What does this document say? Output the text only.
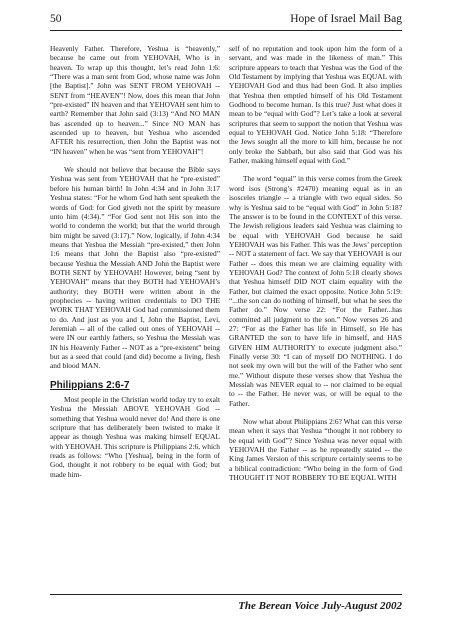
50	Hope of Israel Mail Bag

Heavenly Father. Therefore, Yeshua is “heavenly,” because he came out from YEHOVAH, Who is in heaven. To wrap up this thought, let’s read John 1:6: “There was a man sent from God, whose name was John [the Baptist].” John was SENT FROM YEHOVAH -- SENT from “HEAVEN”! Now, does this mean that John “pre-existed” IN heaven and that YEHOVAH sent him to earth? Remember that John said (3:13) “And NO MAN has ascended up to heaven...” Since NO MAN has ascended up to heaven, but Yeshua who ascended AFTER his resurrection, then John the Baptist was not “IN heaven” when he was “sent from YEHOVAH”!

We should not believe that because the Bible says Yeshua was sent from YEHOVAH that he “pre-existed” before his human birth! In John 4:34 and in John 3:17 Yeshua states: “For he whom God hath sent speaketh the words of God: for God giveth not the spirit by measure unto him (4:34).” “For God sent not His son into the world to condemn the world; but that the world through him might be saved (3:17).” Now, logically, if John 4:34 means that Yeshua the Messiah “pre-existed,” then John 1:6 means that John the Baptist also “pre-existed” because Yeshua the Messiah AND John the Baptist were BOTH SENT by YEHOVAH! However, being “sent by YEHOVAH” means that they BOTH had YEHOVAH’s authority; they BOTH were written about in the prophecies -- having written credentials to DO THE WORK THAT YEHOVAH God had commissioned them to do. And just as you and I, John the Baptist, Levi, Jeremiah -- all of the called out ones of YEHOVAH -- were IN our earthly fathers, so Yeshua the Messiah was IN his Heavenly Father -- NOT as a “pre-existent” being but as a seed that could (and did) become a living, flesh and blood MAN.

Philippians 2:6-7

Most people in the Christian world today try to exalt Yeshua the Messiah ABOVE YEHOVAH God -- something that Yeshua would never do! And there is one scripture that has deliberately been twisted to make it appear as though Yeshua was making himself EQUAL with YEHOVAH. This scripture is Philippians 2:6, which reads as follows: “Who [Yeshua], being in the form of God, thought it not robbery to be equal with God; but made him-

self of no reputation and took upon him the form of a servant, and was made in the likeness of man.” This scripture appears to teach that Yeshua was the God of the Old Testament by implying that Yeshua was EQUAL with YEHOVAH God and thus had been God. It also implies that Yeshua then emptied himself of his Old Testament Godhood to become human. Is this true? Just what does it mean to be “equal with God”? Let’s take a look at several scriptures that seem to support the notion that Yeshua was equal to YEHOVAH God. Notice John 5:18: “Therefore the Jews sought all the more to kill him, because he not only broke the Sabbath, but also said that God was his Father, making himself equal with God.”

The word “equal” in this verse comes from the Greek word isos (Strong’s #2470) meaning equal as in an isosceles triangle -- a triangle with two equal sides. So why is Yeshua said to be “equal with God” in John 5:18? The answer is to be found in the CONTEXT of this verse. The Jewish religious leaders said Yeshua was claiming to be equal with YEHOVAH God because he said YEHOVAH was his Father. This was the Jews’ perception -- NOT a statement of fact. We say that YEHOVAH is our Father -- does this mean we are claiming equality with YEHOVAH God? The context of John 5:18 clearly shows that Yeshua himself DID NOT claim equality with the Father, but claimed the exact opposite. Notice John 5:19: “...the son can do nothing of himself, but what he sees the Father do.” Now verse 22: “For the Father...has committed all judgment to the son.” Now verses 26 and 27: “For as the Father has life in Himself, so He has GRANTED the son to have life in himself, and HAS GIVEN HIM AUTHORITY to execute judgment also.” Finally verse 30: “I can of myself DO NOTHING. I do not seek my own will but the will of the Father who sent me.” Without dispute these verses show that Yeshua the Messiah was NEVER equal to -- nor claimed to be equal to -- the Father. He never was, or will be equal to the Father.

Now what about Philippians 2:6? What can this verse mean when it says that Yeshua “thought it not robbery to be equal with God”? Since Yeshua was never equal with YEHOVAH the Father -- as he repeatedly stated -- the King James Version of this scripture certainly seems to be a biblical contradiction: “Who being in the form of God THOUGHT IT NOT ROBBERY TO BE EQUAL WITH

The Berean Voice July-August 2002
